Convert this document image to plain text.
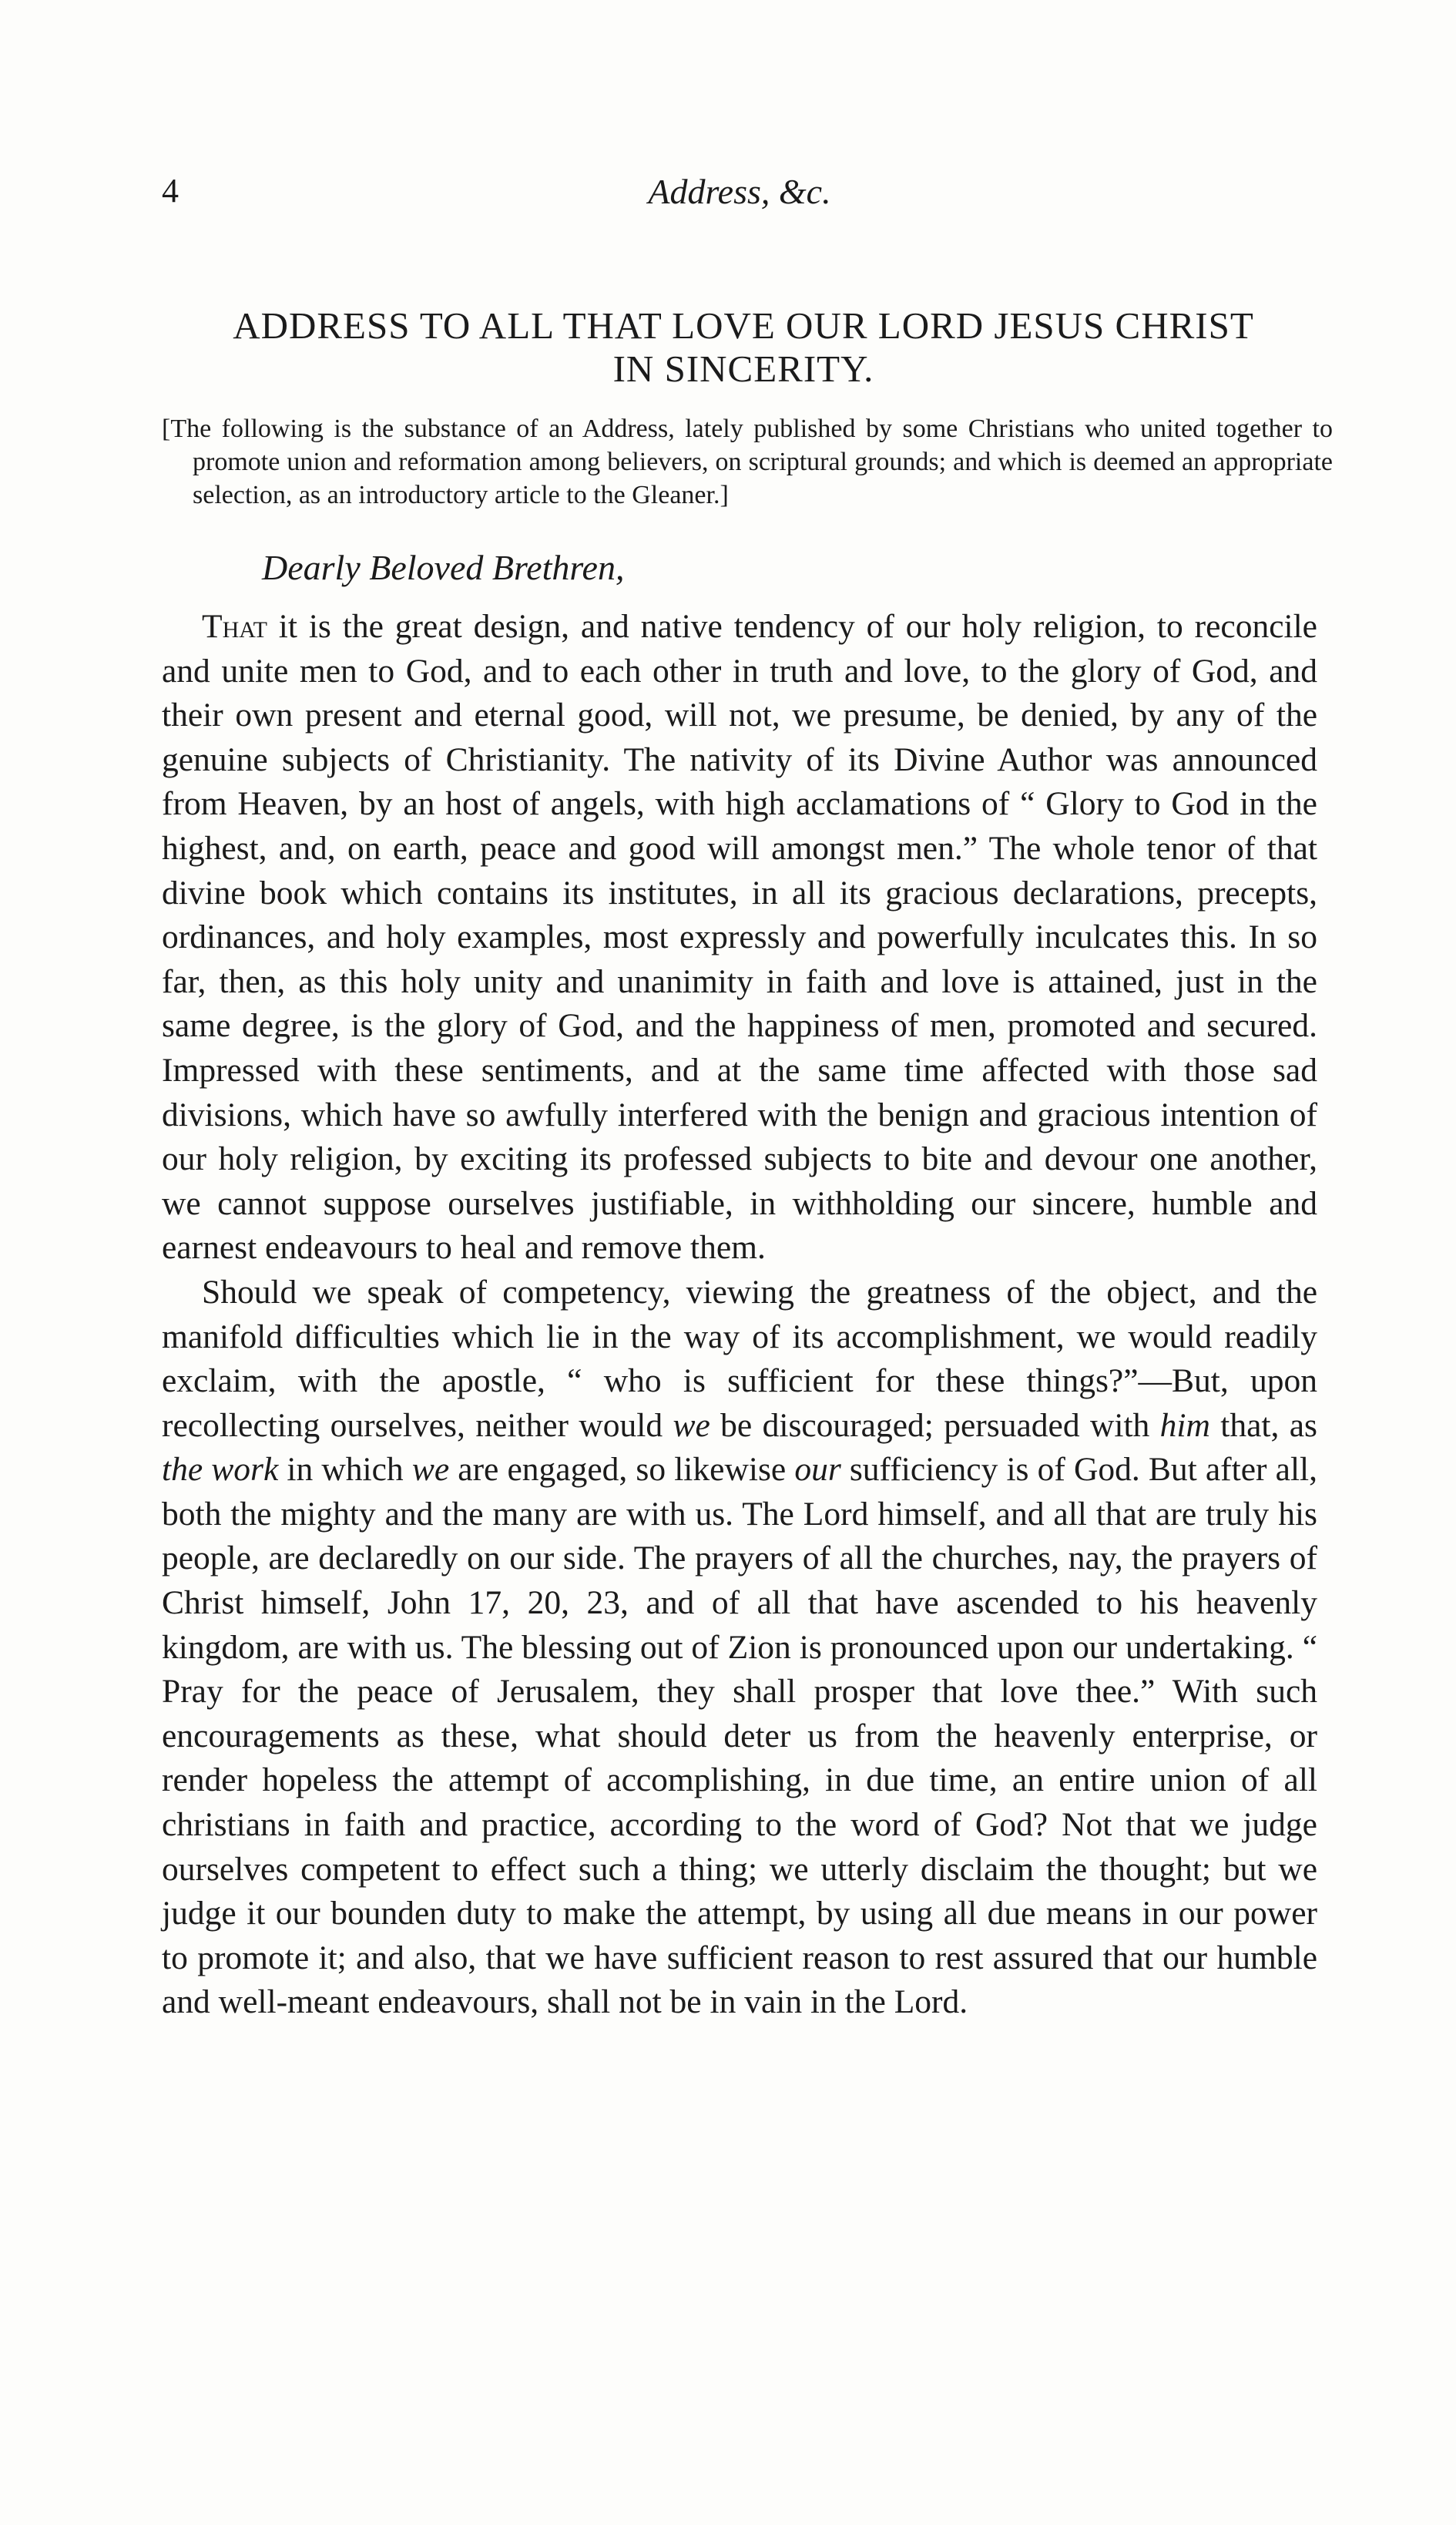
4	Address, &c.
ADDRESS TO ALL THAT LOVE OUR LORD JESUS CHRIST
IN SINCERITY.
[The following is the substance of an Address, lately published by some Christians who united together to promote union and reformation among believers, on scriptural grounds; and which is deemed an appropriate selection, as an introductory article to the Gleaner.]
Dearly Beloved Brethren,

That it is the great design, and native tendency of our holy religion, to reconcile and unite men to God, and to each other in truth and love, to the glory of God, and their own present and eternal good, will not, we presume, be denied, by any of the genuine subjects of Christianity. The nativity of its Divine Author was announced from Heaven, by an host of angels, with high acclamations of “ Glory to God in the highest, and, on earth, peace and good will amongst men.” The whole tenor of that divine book which contains its institutes, in all its gracious declarations, precepts, ordinances, and holy examples, most expressly and powerfully inculcates this. In so far, then, as this holy unity and unanimity in faith and love is attained, just in the same degree, is the glory of God, and the happiness of men, promoted and secured. Impressed with these sentiments, and at the same time affected with those sad divisions, which have so awfully interfered with the benign and gracious intention of our holy religion, by exciting its professed subjects to bite and devour one another, we cannot suppose ourselves justifiable, in withholding our sincere, humble and earnest endeavours to heal and remove them.

Should we speak of competency, viewing the greatness of the object, and the manifold difficulties which lie in the way of its accomplishment, we would readily exclaim, with the apostle, “ who is sufficient for these things?”—But, upon recollecting ourselves, neither would we be discouraged; persuaded with him that, as the work in which we are engaged, so likewise our sufficiency is of God. But after all, both the mighty and the many are with us. The Lord himself, and all that are truly his people, are declaredly on our side. The prayers of all the churches, nay, the prayers of Christ himself, John 17, 20, 23, and of all that have ascended to his heavenly kingdom, are with us. The blessing out of Zion is pronounced upon our undertaking. “ Pray for the peace of Jerusalem, they shall prosper that love thee.” With such encouragements as these, what should deter us from the heavenly enterprise, or render hopeless the attempt of accomplishing, in due time, an entire union of all christians in faith and practice, according to the word of God? Not that we judge ourselves competent to effect such a thing; we utterly disclaim the thought; but we judge it our bounden duty to make the attempt, by using all due means in our power to promote it; and also, that we have sufficient reason to rest assured that our humble and well-meant endeavours, shall not be in vain in the Lord.
